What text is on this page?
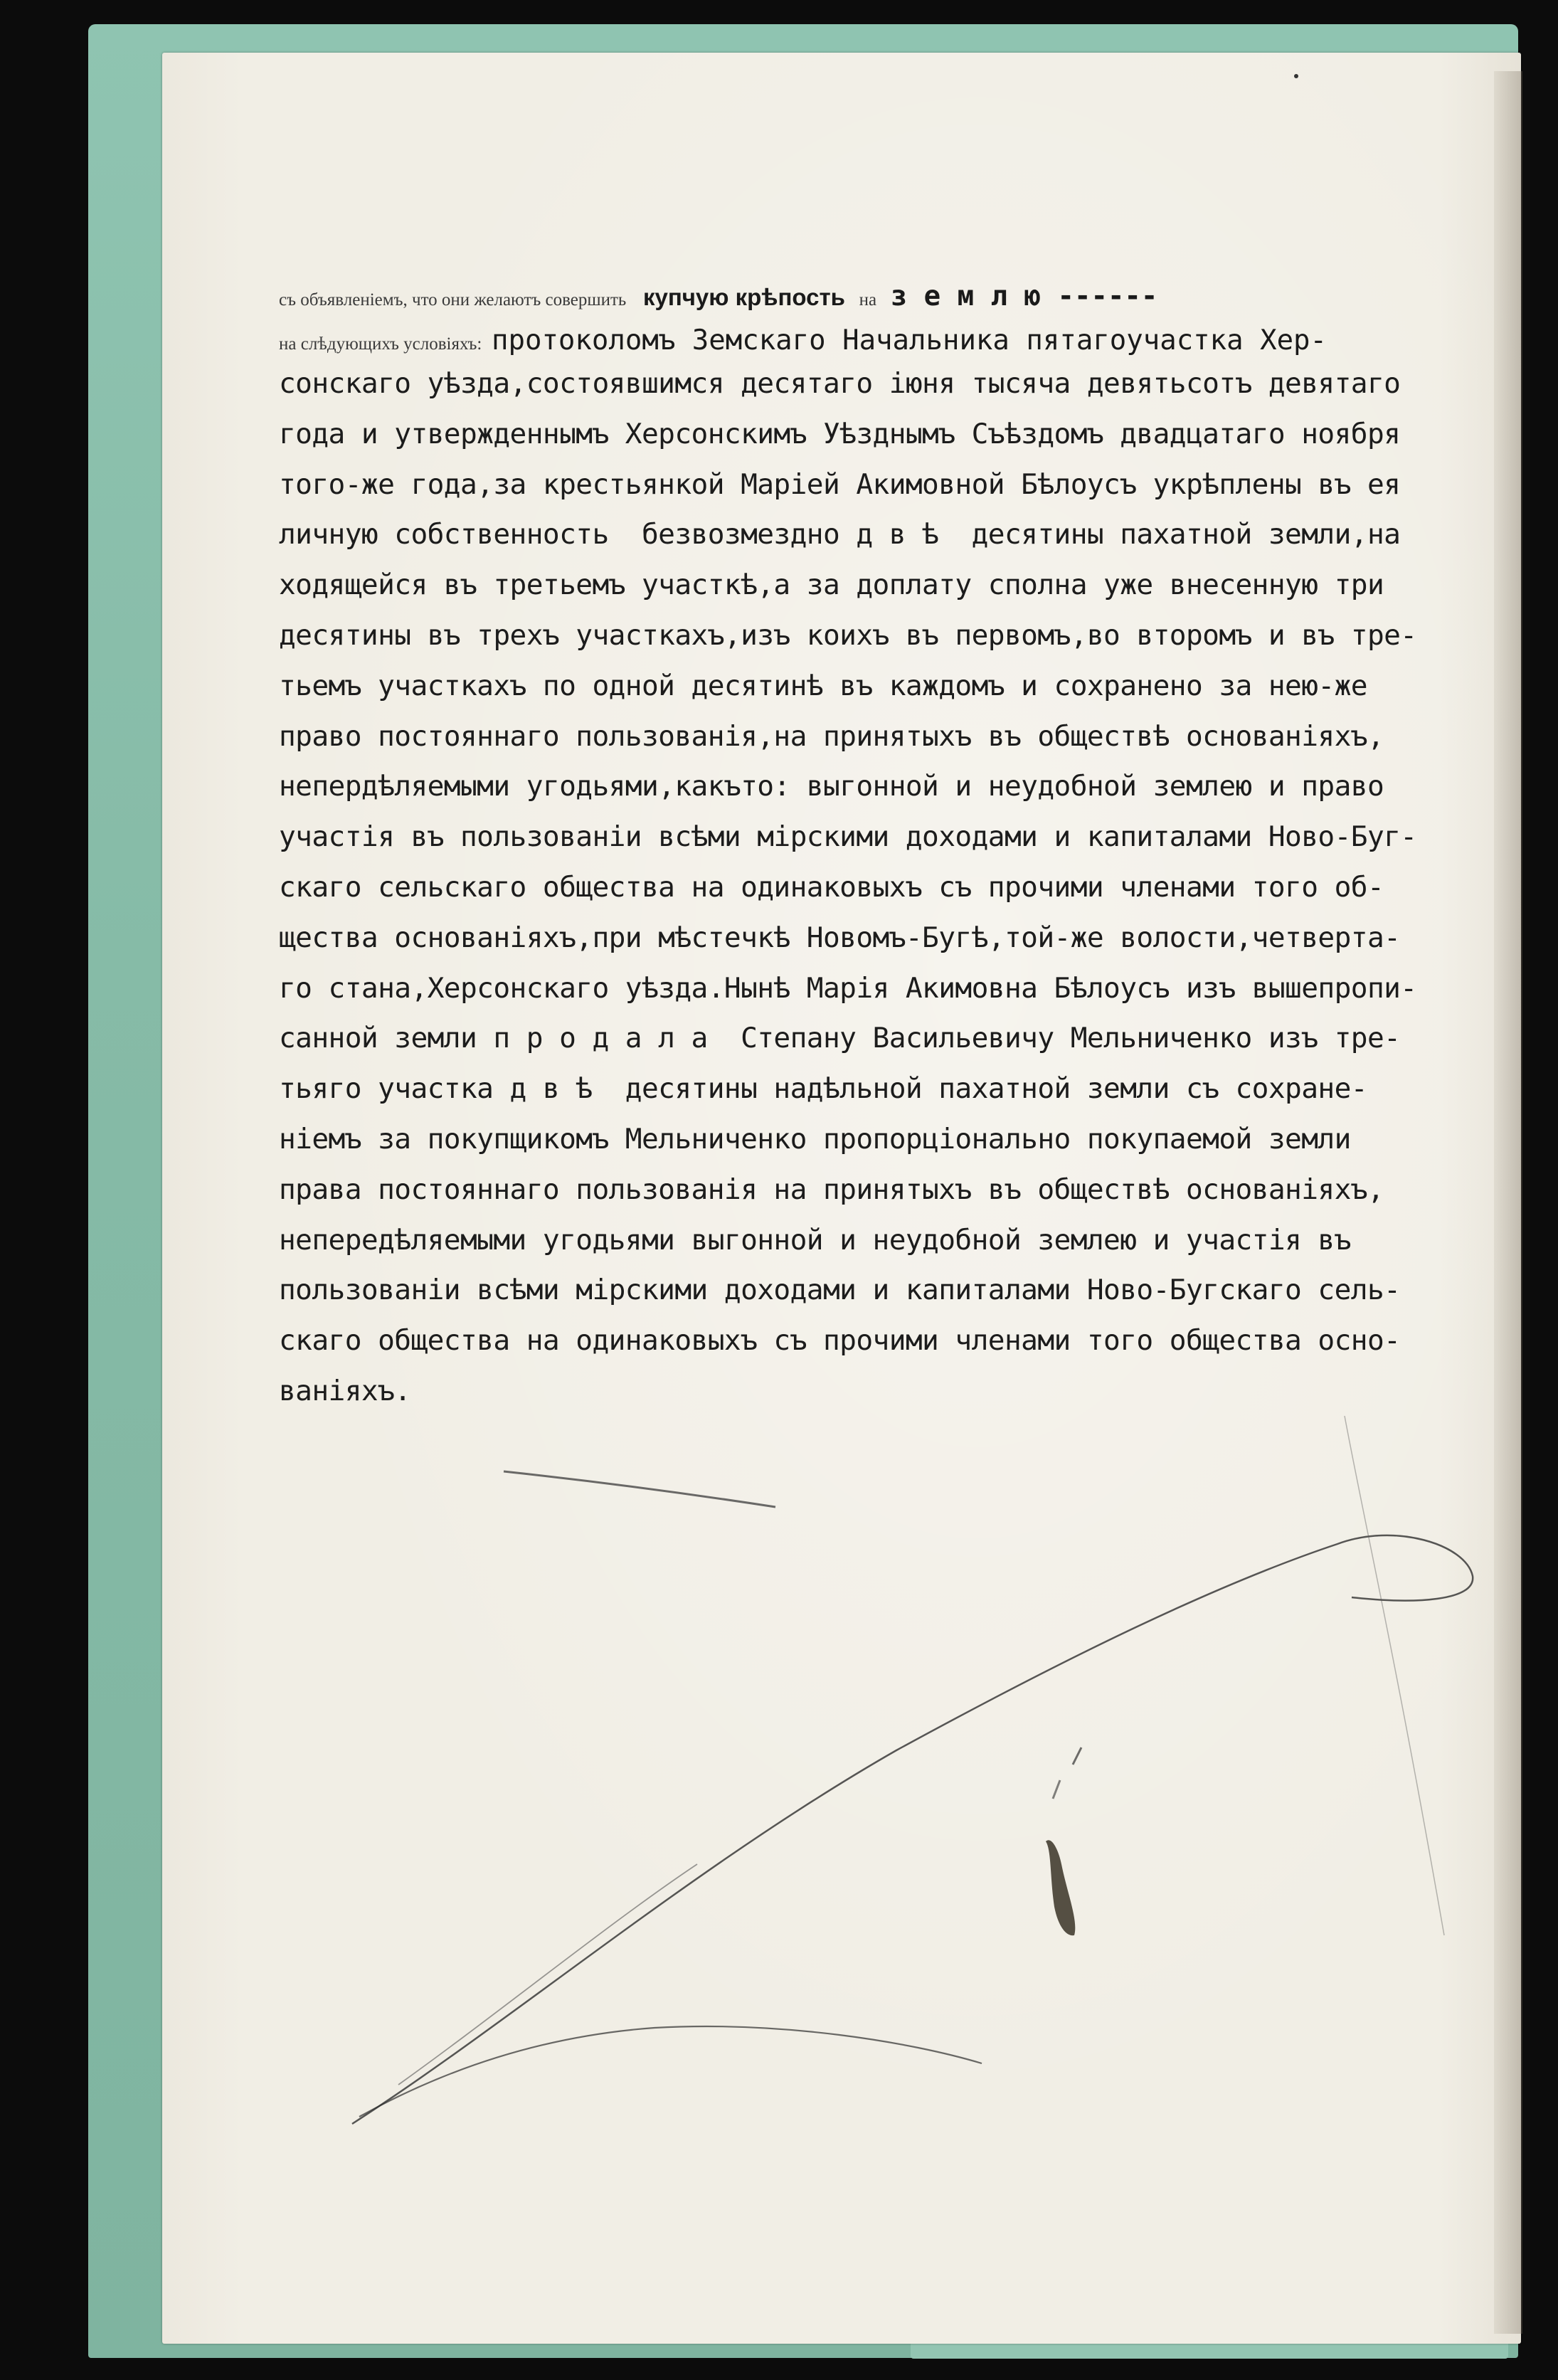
съ объявленіемъ, что они желаютъ совершить купчую крѣпость на з е м л ю ------
на слѣдующихъ условіяхъ: протоколомъ Земскаго Начальника пятагоучастка Хер-
сонскаго уѣзда,состоявшимся десятаго іюня тысяча девятьсотъ девятаго
года и утвержденнымъ Херсонскимъ Уѣзднымъ Съѣздомъ двадцатаго ноября
того-же года,за крестьянкой Маріей Акимовной Бѣлоусъ укрѣплены въ ея
личную собственность  безвозмездно д в ѣ  десятины пахатной земли,на
ходящейся въ третьемъ участкѣ,а за доплату сполна уже внесенную три
десятины въ трехъ участкахъ,изъ коихъ въ первомъ,во второмъ и въ тре-
тьемъ участкахъ по одной десятинѣ въ каждомъ и сохранено за нею-же
право постояннаго пользованія,на принятыхъ въ обществѣ основаніяхъ,
непердѣляемыми угодьями,какъто: выгонной и неудобной землею и право
участія въ пользованіи всѣми мірскими доходами и капиталами Ново-Буг-
скаго сельскаго общества на одинаковыхъ съ прочими членами того об-
щества основаніяхъ,при мѣстечкѣ Новомъ-Бугѣ,той-же волости,четверта-
го стана,Херсонскаго уѣзда.Нынѣ Марія Акимовна Бѣлоусъ изъ вышепропи-
санной земли п р о д а л а  Степану Васильевичу Мельниченко изъ тре-
тьяго участка д в ѣ  десятины надѣльной пахатной земли съ сохране-
ніемъ за покупщикомъ Мельниченко пропорціонально покупаемой земли
права постояннаго пользованія на принятыхъ въ обществѣ основаніяхъ,
непередѣляемыми угодьями выгонной и неудобной землею и участія въ
пользованіи всѣми мірскими доходами и капиталами Ново-Бугскаго сель-
скаго общества на одинаковыхъ съ прочими членами того общества осно-
ваніяхъ.
